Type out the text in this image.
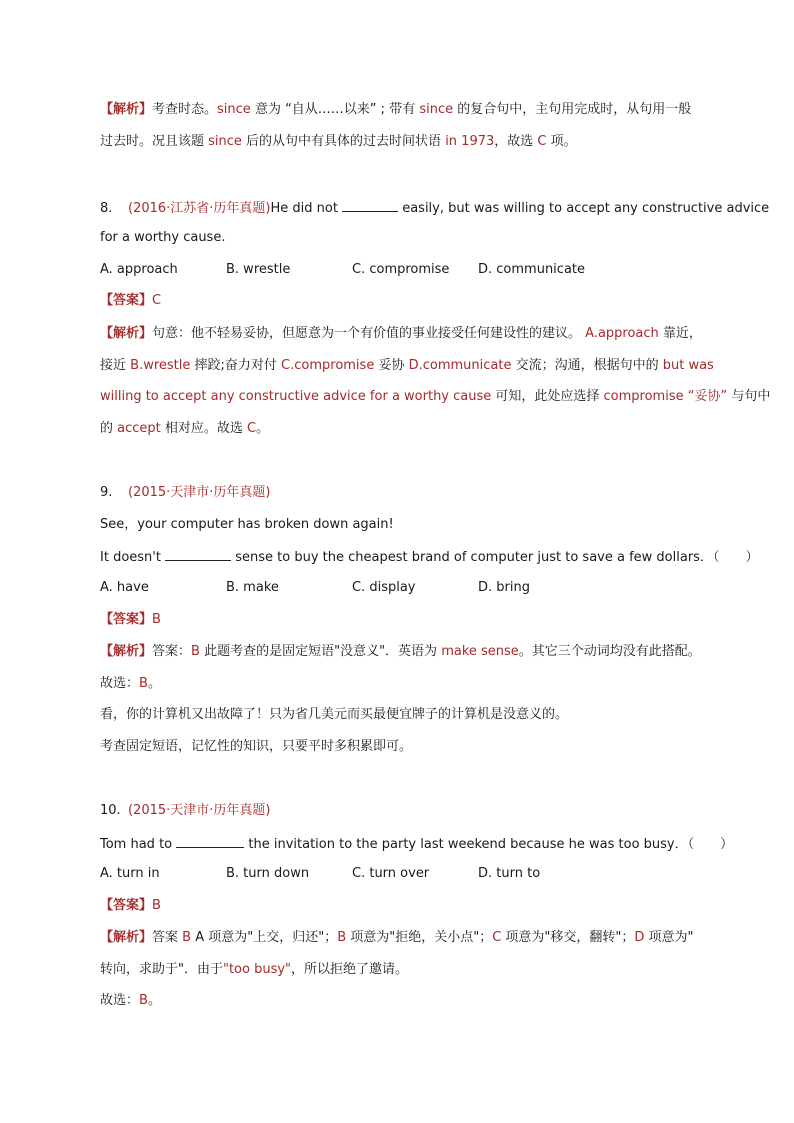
【解析】考查时态。since 意为 “自从……以来” ; 带有 since 的复合句中，主句用完成时，从句用一般
过去时。况且该题 since 后的从句中有具体的过去时间状语 in 1973，故选 C 项。
8. (2016·江苏省·历年真题)He did not	easily, but was willing to accept any constructive advice
for a worthy cause.
A. approach	B. wrestle	C. compromise D. communicate
【答案】C
【解析】句意：他不轻易妥协，但愿意为一个有价值的事业接受任何建设性的建议。 A.approach 靠近，
接近 B.wrestle 摔跤;奋力对付 C.compromise 妥协 D.communicate 交流；沟通，根据句中的 but was
willing to accept any constructive advice for a worthy cause 可知，此处应选择 compromise “妥协” 与句中
的 accept 相对应。故选 C。
9. (2015·天津市·历年真题)
See，your computer has broken down again!
It doesn't	sense to buy the cheapest brand of computer just to save a few dollars．（ ）
A. have	B. make	C. display	D. bring
【答案】B
【解析】答案：B 此题考查的是固定短语"没意义"．英语为 make sense。其它三个动词均没有此搭配。
故选：B。
看，你的计算机又出故障了！只为省几美元而买最便宜牌子的计算机是没意义的。
考查固定短语，记忆性的知识，只要平时多积累即可。
10. (2015·天津市·历年真题)
Tom had to	the invitation to the party last weekend because he was too busy．（ ）
A. turn in	B. turn down	C. turn over	D. turn to
【答案】B
【解析】答案 B A 项意为"上交，归还"；B 项意为"拒绝，关小点"；C 项意为"移交，翻转"；D 项意为"
转向，求助于"．由于"too busy"，所以拒绝了邀请。
故选：B。
